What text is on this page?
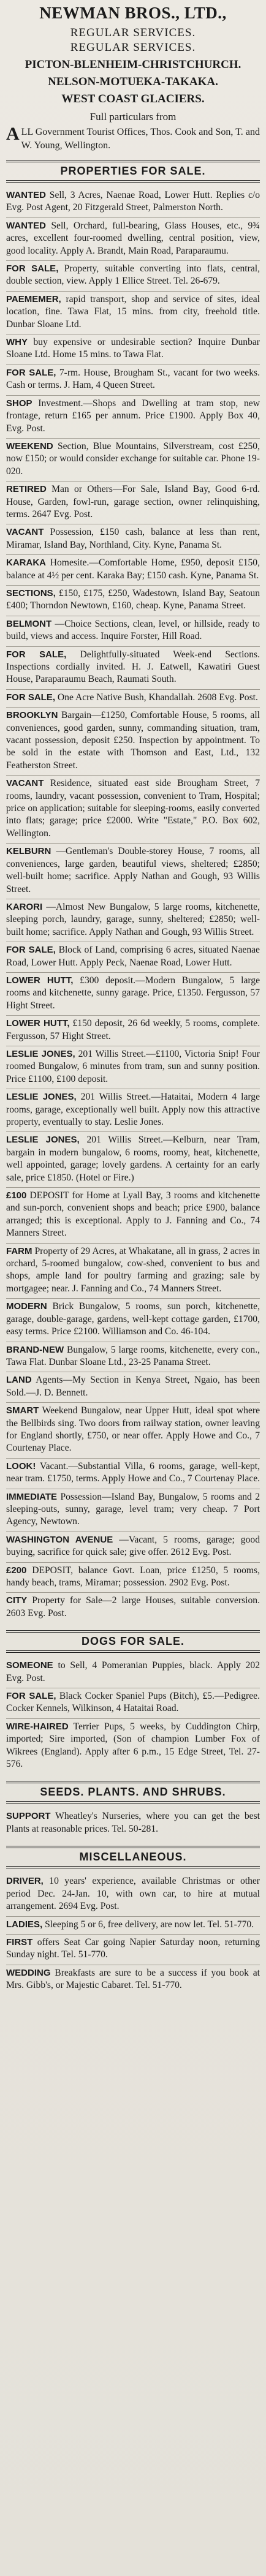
NEWMAN BROS., LTD.,
REGULAR SERVICES.
REGULAR SERVICES.
PICTON-BLENHEIM-CHRISTCHURCH.
NELSON-MOTUEKA-TAKAKA.
WEST COAST GLACIERS.
Full particulars from
ALL Government Tourist Offices, Thos. Cook and Son, T. and W. Young, Wellington.
PROPERTIES FOR SALE.

WANTED Sell, 3 Acres, Naenae Road, Lower Hutt. Replies c/o Evg. Post Agent, 20 Fitzgerald Street, Palmerston North.

WANTED Sell, Orchard, full-bearing, Glass Houses, etc., 9¾ acres, excellent four-roomed dwelling, central position, view, good locality. Apply A. Brandt, Main Road, Paraparaumu.

FOR SALE, Property, suitable converting into flats, central, double section, view. Apply 1 Ellice Street. Tel. 26-679.

PAEMEMER, rapid transport, shop and service of sites, ideal location, fine. Tawa Flat, 15 mins. from city, freehold title. Dunbar Sloane Ltd.

WHY buy expensive or undesirable section? Inquire Dunbar Sloane Ltd. Home 15 mins. to Tawa Flat.

FOR SALE, 7-rm. House, Brougham St., vacant for two weeks. Cash or terms. J. Ham, 4 Queen Street.

SHOP Investment.—Shops and Dwelling at tram stop, new frontage, return £165 per annum. Price £1900. Apply Box 40, Evg. Post.

WEEKEND Section, Blue Mountains, Silverstream, cost £250, now £150; or would consider exchange for suitable car. Phone 19-020.

RETIRED Man or Others—For Sale, Island Bay, Good 6-rd. House, Garden, fowl-run, garage section, owner relinquishing, terms. 2647 Evg. Post.

VACANT Possession, £150 cash, balance at less than rent, Miramar, Island Bay, Northland, City. Kyne, Panama St.

KARAKA Homesite.—Comfortable Home, £950, deposit £150, balance at 4½ per cent. Karaka Bay; £150 cash. Kyne, Panama St.

SECTIONS, £150, £175, £250, Wadestown, Island Bay, Seatoun £400; Thorndon Newtown, £160, cheap. Kyne, Panama Street.

BELMONT —Choice Sections, clean, level, or hillside, ready to build, views and access. Inquire Forster, Hill Road.

FOR SALE, Delightfully-situated Week-end Sections. Inspections cordially invited. H. J. Eatwell, Kawatiri Guest House, Paraparaumu Beach, Raumati South.

FOR SALE, One Acre Native Bush, Khandallah. 2608 Evg. Post.

BROOKLYN Bargain—£1250, Comfortable House, 5 rooms, all conveniences, good garden, sunny, commanding situation, tram, vacant possession, deposit £250. Inspection by appointment. To be sold in the estate with Thomson and East, Ltd., 132 Featherston Street.

VACANT Residence, situated east side Brougham Street, 7 rooms, laundry, vacant possession, convenient to Tram, Hospital; price on application; suitable for sleeping-rooms, easily converted into flats; garage; price £2000. Write "Estate," P.O. Box 602, Wellington.

KELBURN —Gentleman's Double-storey House, 7 rooms, all conveniences, large garden, beautiful views, sheltered; £2850; well-built home; sacrifice. Apply Nathan and Gough, 93 Willis Street.

KARORI —Almost New Bungalow, 5 large rooms, kitchenette, sleeping porch, laundry, garage, sunny, sheltered; £2850; well-built home; sacrifice. Apply Nathan and Gough, 93 Willis Street.

FOR SALE, Block of Land, comprising 6 acres, situated Naenae Road, Lower Hutt. Apply Peck, Naenae Road, Lower Hutt.

LOWER HUTT, £300 deposit.—Modern Bungalow, 5 large rooms and kitchenette, sunny garage. Price, £1350. Fergusson, 57 Hight Street.

LOWER HUTT, £150 deposit, 26 6d weekly, 5 rooms, complete. Fergusson, 57 Hight Street.

LESLIE JONES, 201 Willis Street.—£1100, Victoria Snip! Four roomed Bungalow, 6 minutes from tram, sun and sunny position. Price £1100, £100 deposit.

LESLIE JONES, 201 Willis Street.—Hataitai, Modern 4 large rooms, garage, exceptionally well built. Apply now this attractive property, eventually to stay. Leslie Jones.

LESLIE JONES, 201 Willis Street.—Kelburn, near Tram, bargain in modern bungalow, 6 rooms, roomy, heat, kitchenette, well appointed, garage; lovely gardens. A certainty for an early sale, price £1850. (Hotel or Fire.)

£100 DEPOSIT for Home at Lyall Bay, 3 rooms and kitchenette and sun-porch, convenient shops and beach; price £900, balance arranged; this is exceptional. Apply to J. Fanning and Co., 74 Manners Street.

FARM Property of 29 Acres, at Whakatane, all in grass, 2 acres in orchard, 5-roomed bungalow, cow-shed, convenient to bus and shops, ample land for poultry farming and grazing; sale by mortgagee; near. J. Fanning and Co., 74 Manners Street.

MODERN Brick Bungalow, 5 rooms, sun porch, kitchenette, garage, double-garage, gardens, well-kept cottage garden, £1700, easy terms. Price £2100. Williamson and Co. 46-104.

BRAND-NEW Bungalow, 5 large rooms, kitchenette, every con., Tawa Flat. Dunbar Sloane Ltd., 23-25 Panama Street.

LAND Agents—My Section in Kenya Street, Ngaio, has been Sold.—J. D. Bennett.

SMART Weekend Bungalow, near Upper Hutt, ideal spot where the Bellbirds sing. Two doors from railway station, owner leaving for England shortly, £750, or near offer. Apply Howe and Co., 7 Courtenay Place.

LOOK! Vacant.—Substantial Villa, 6 rooms, garage, well-kept, near tram. £1750, terms. Apply Howe and Co., 7 Courtenay Place.

IMMEDIATE Possession—Island Bay, Bungalow, 5 rooms and 2 sleeping-outs, sunny, garage, level tram; very cheap. 7 Port Agency, Newtown.

WASHINGTON AVENUE —Vacant, 5 rooms, garage; good buying, sacrifice for quick sale; give offer. 2612 Evg. Post.

£200 DEPOSIT, balance Govt. Loan, price £1250, 5 rooms, handy beach, trams, Miramar; possession. 2902 Evg. Post.

CITY Property for Sale—2 large Houses, suitable conversion. 2603 Evg. Post.

DOGS FOR SALE.

SOMEONE to Sell, 4 Pomeranian Puppies, black. Apply 202 Evg. Post.

FOR SALE, Black Cocker Spaniel Pups (Bitch), £5.—Pedigree. Cocker Kennels, Wilkinson, 4 Hataitai Road.

WIRE-HAIRED Terrier Pups, 5 weeks, by Cuddington Chirp, imported; Sire imported, (Son of champion Lumber Fox of Wikrees (England). Apply after 6 p.m., 15 Edge Street, Tel. 27-576.

SEEDS. PLANTS. AND SHRUBS.

SUPPORT Wheatley's Nurseries, where you can get the best Plants at reasonable prices. Tel. 50-281.

MISCELLANEOUS.

DRIVER, 10 years' experience, available Christmas or other period Dec. 24-Jan. 10, with own car, to hire at mutual arrangement. 2694 Evg. Post.

LADIES, Sleeping 5 or 6, free delivery, are now let. Tel. 51-770.

FIRST offers Seat Car going Napier Saturday noon, returning Sunday night. Tel. 51-770.

WEDDING Breakfasts are sure to be a success if you book at Mrs. Gibb's, or Majestic Cabaret. Tel. 51-770.
